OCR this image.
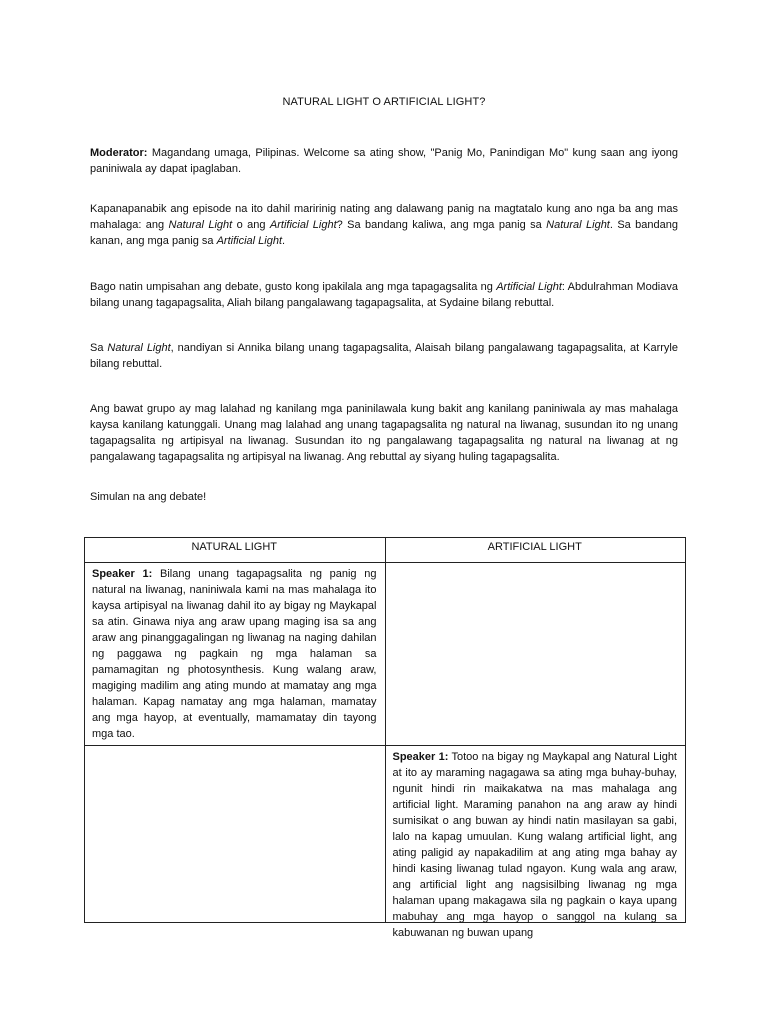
NATURAL LIGHT O ARTIFICIAL LIGHT?

Moderator: Magandang umaga, Pilipinas. Welcome sa ating show, "Panig Mo, Panindigan Mo" kung saan ang iyong paniniwala ay dapat ipaglaban.

Kapanapanabik ang episode na ito dahil maririnig nating ang dalawang panig na magtatalo kung ano nga ba ang mas mahalaga: ang Natural Light o ang Artificial Light? Sa bandang kaliwa, ang mga panig sa Natural Light. Sa bandang kanan, ang mga panig sa Artificial Light.

Bago natin umpisahan ang debate, gusto kong ipakilala ang mga tapagagsalita ng Artificial Light: Abdulrahman Modiava bilang unang tagapagsalita, Aliah bilang pangalawang tagapagsalita, at Sydaine bilang rebuttal.

Sa Natural Light, nandiyan si Annika bilang unang tagapagsalita, Alaisah bilang pangalawang tagapagsalita, at Karryle bilang rebuttal.

Ang bawat grupo ay mag lalahad ng kanilang mga paninilawala kung bakit ang kanilang paniniwala ay mas mahalaga kaysa kanilang katunggali. Unang mag lalahad ang unang tagapagsalita ng natural na liwanag, susundan ito ng unang tagapagsalita ng artipisyal na liwanag. Susundan ito ng pangalawang tagapagsalita ng natural na liwanag at ng pangalawang tagapagsalita ng artipisyal na liwanag. Ang rebuttal ay siyang huling tagapagsalita.

Simulan na ang debate!

NATURAL LIGHT	ARTIFICIAL LIGHT
Speaker 1: Bilang unang tagapagsalita ng panig ng natural na liwanag, naniniwala kami na mas mahalaga ito kaysa artipisyal na liwanag dahil ito ay bigay ng Maykapal sa atin. Ginawa niya ang araw upang maging isa sa ang araw ang pinanggagalingan ng liwanag na naging dahilan ng paggawa ng pagkain ng mga halaman sa pamamagitan ng photosynthesis. Kung walang araw, magiging madilim ang ating mundo at mamatay ang mga halaman. Kapag namatay ang mga halaman, mamatay ang mga hayop, at eventually, mamamatay din tayong mga tao.	

	Speaker 1: Totoo na bigay ng Maykapal ang Natural Light at ito ay maraming nagagawa sa ating mga buhay-buhay, ngunit hindi rin maikakatwa na mas mahalaga ang artificial light. Maraming panahon na ang araw ay hindi sumisikat o ang buwan ay hindi natin masilayan sa gabi, lalo na kapag umuulan. Kung walang artificial light, ang ating paligid ay napakadilim at ang ating mga bahay ay hindi kasing liwanag tulad ngayon. Kung wala ang araw, ang artificial light ang nagsisilbing liwanag ng mga halaman upang makagawa sila ng pagkain o kaya upang mabuhay ang mga hayop o sanggol na kulang sa kabuwanan ng buwan upang
